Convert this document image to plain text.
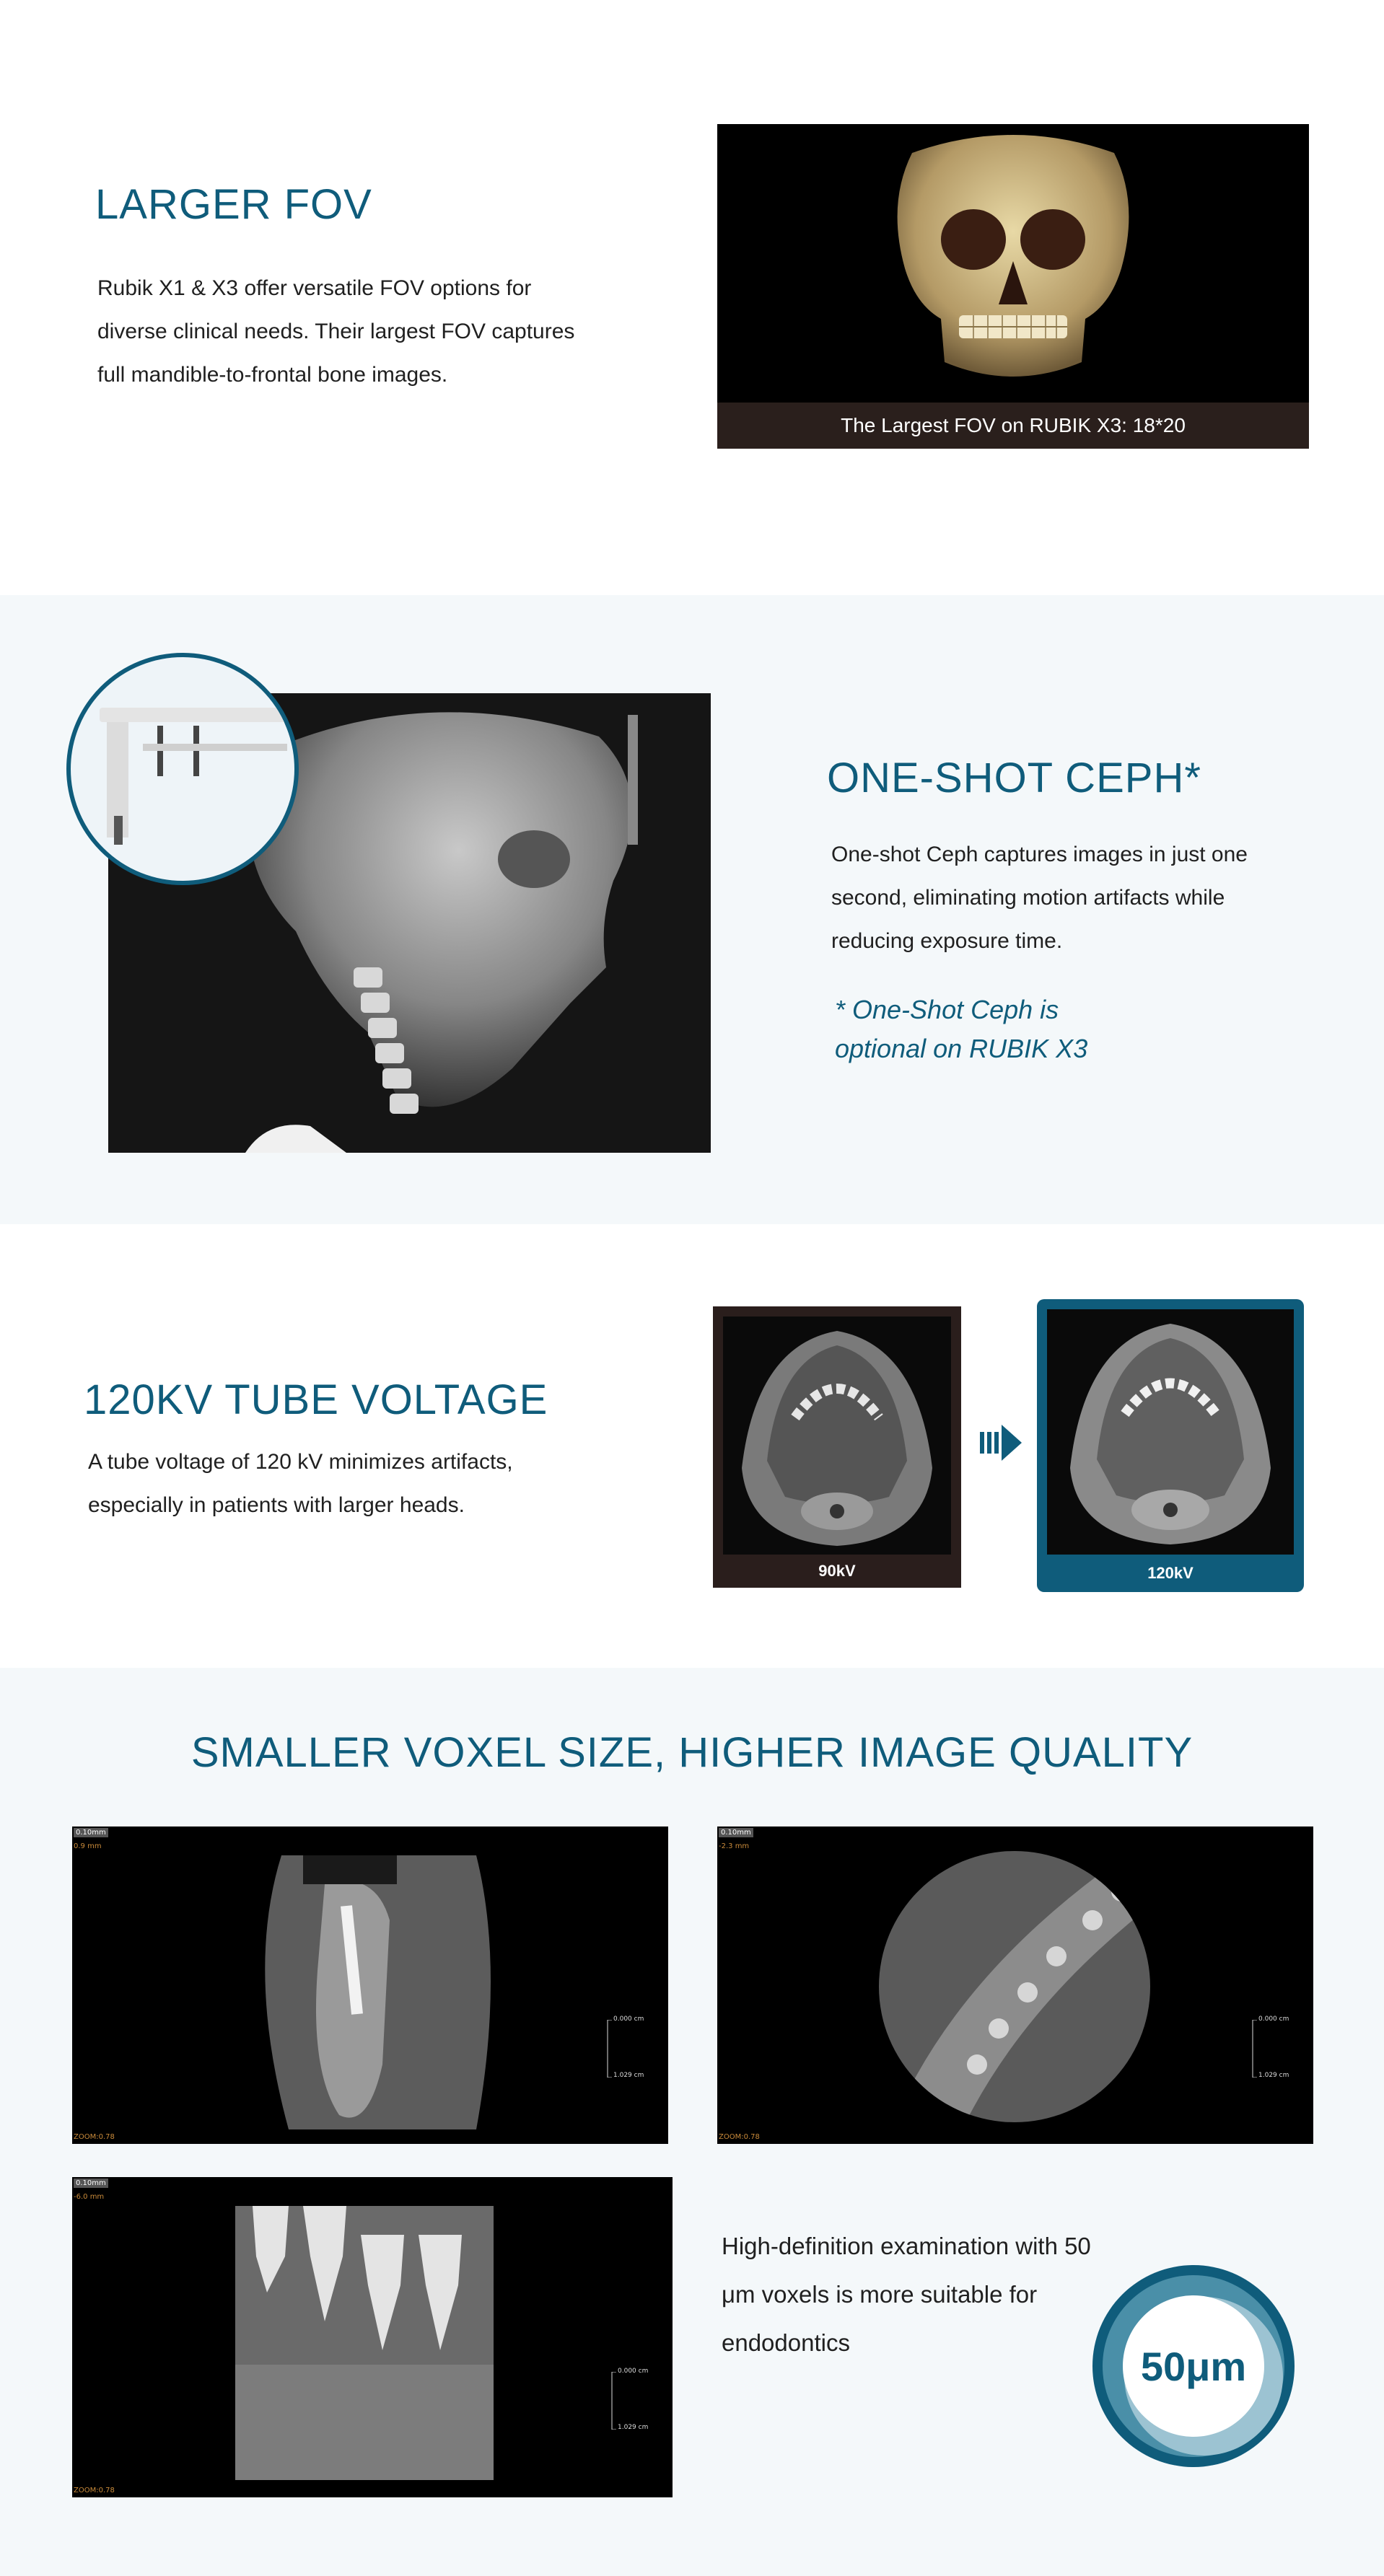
LARGER FOV

Rubik X1 & X3 offer versatile FOV options for diverse clinical needs. Their largest FOV captures full mandible-to-frontal bone images.

The Largest FOV on RUBIK X3: 18*20
ONE-SHOT CEPH*

One-shot Ceph captures images in just one second, eliminating motion artifacts while reducing exposure time.

* One-Shot Ceph is optional on RUBIK X3

120KV TUBE VOLTAGE

A tube voltage of 120 kV minimizes artifacts, especially in patients with larger heads.

90kV	120kV
SMALLER VOXEL SIZE, HIGHER IMAGE QUALITY
0.10mm
0.9 mm
ZOOM:0.78
0.000 cm
1.029 cm
0.10mm
-2.3 mm
ZOOM:0.78
0.000 cm
1.029 cm
0.10mm
-6.0 mm
ZOOM:0.78
0.000 cm
1.029 cm

High-definition examination with 50 μm voxels is more suitable for endodontics

50μm
